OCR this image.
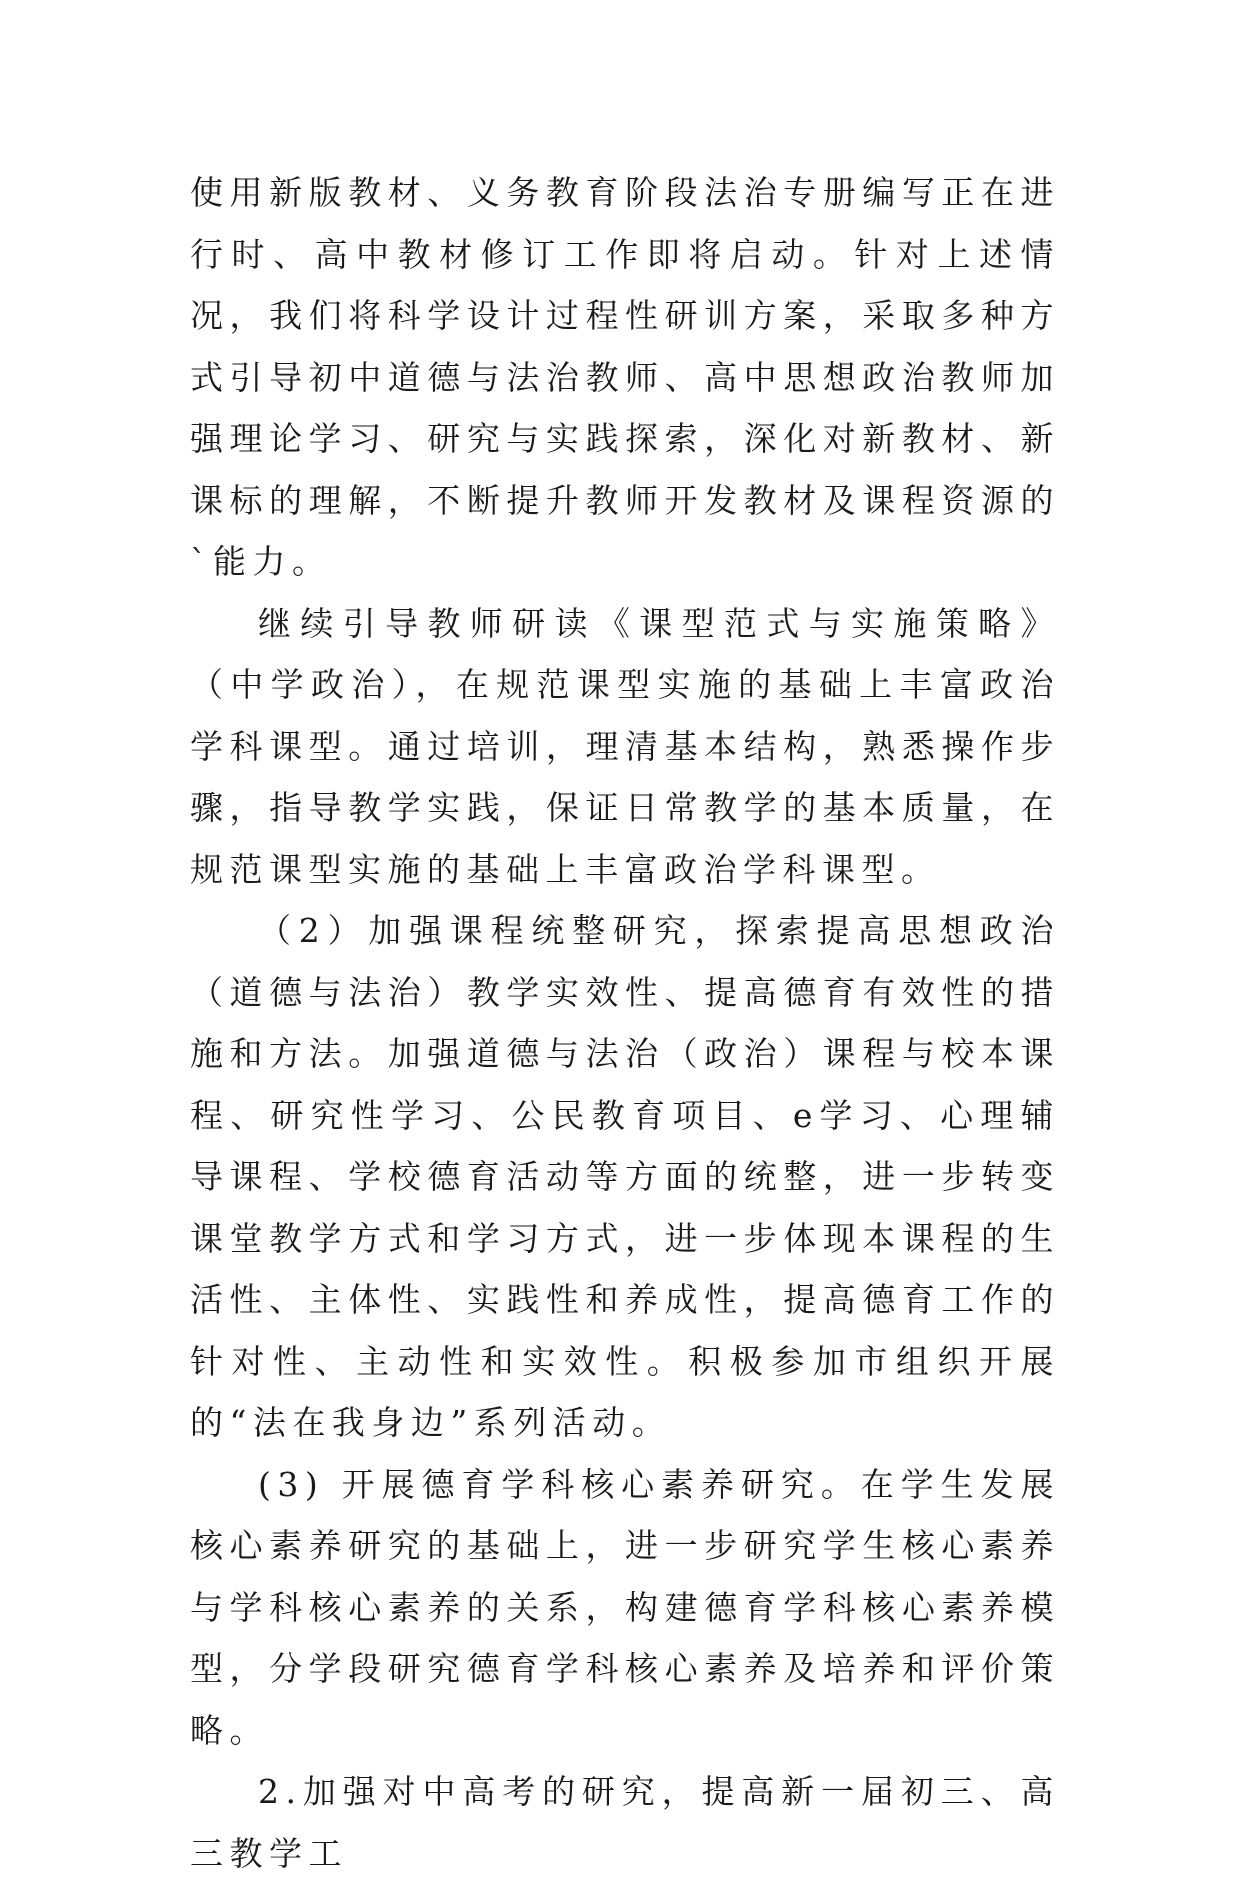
使用新版教材、义务教育阶段法治专册编写正在进行时、高中教材修订工作即将启动。针对上述情况，我们将科学设计过程性研训方案，采取多种方式引导初中道德与法治教师、高中思想政治教师加强理论学习、研究与实践探索，深化对新教材、新课标的理解，不断提升教师开发教材及课程资源的`能力。

继续引导教师研读《课型范式与实施策略》（中学政治），在规范课型实施的基础上丰富政治学科课型。通过培训，理清基本结构，熟悉操作步骤，指导教学实践，保证日常教学的基本质量，在规范课型实施的基础上丰富政治学科课型。

（2）加强课程统整研究，探索提高思想政治（道德与法治）教学实效性、提高德育有效性的措施和方法。加强道德与法治（政治）课程与校本课程、研究性学习、公民教育项目、e学习、心理辅导课程、学校德育活动等方面的统整，进一步转变课堂教学方式和学习方式，进一步体现本课程的生活性、主体性、实践性和养成性，提高德育工作的针对性、主动性和实效性。积极参加市组织开展的“法在我身边”系列活动。

(3) 开展德育学科核心素养研究。在学生发展核心素养研究的基础上，进一步研究学生核心素养与学科核心素养的关系，构建德育学科核心素养模型，分学段研究德育学科核心素养及培养和评价策略。

2.加强对中高考的研究，提高新一届初三、高三教学工
